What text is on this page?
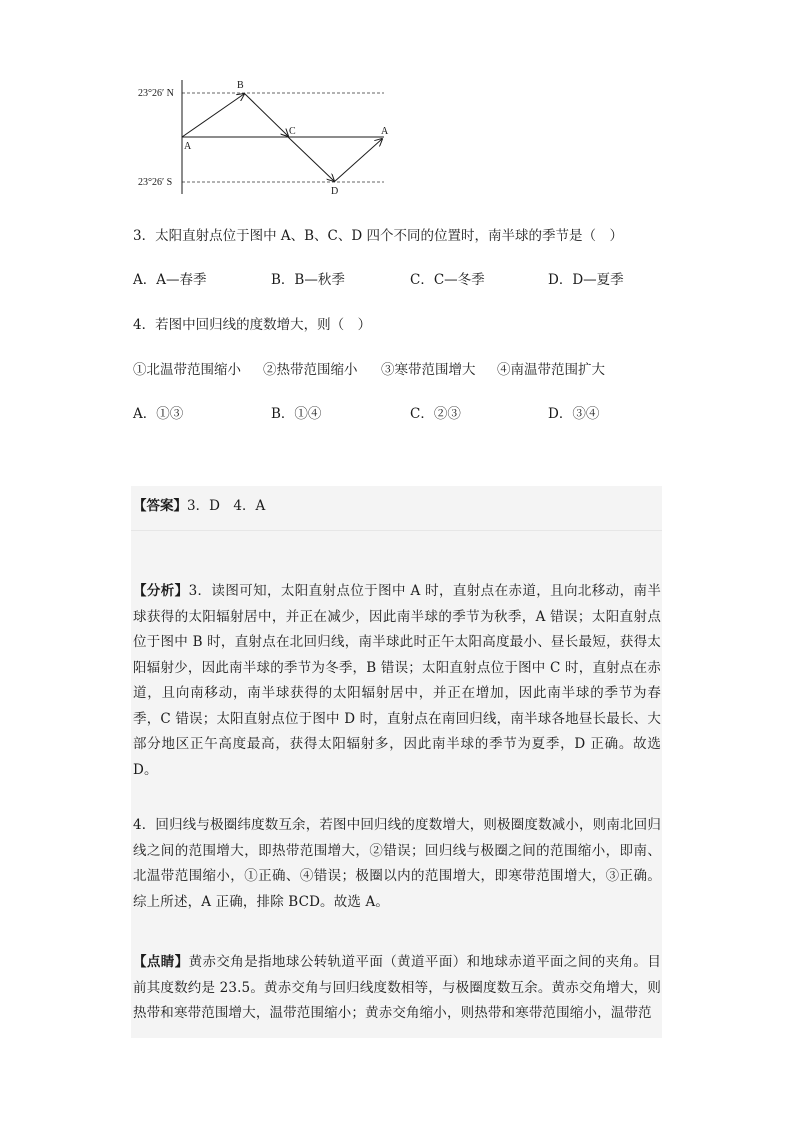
23°26′ N
23°26′ S
A
B
C
D
A
3．太阳直射点位于图中 A、B、C、D 四个不同的位置时，南半球的季节是（　）
A．A—春季	B．B—秋季	C．C—冬季	D．D—夏季
4．若图中回归线的度数增大，则（　）
①北温带范围缩小 ②热带范围缩小 ③寒带范围增大 ④南温带范围扩大
A．①③	B．①④	C．②③	D．③④
【答案】3．D　4．A
【分析】3．读图可知，太阳直射点位于图中 A 时，直射点在赤道，且向北移动，南半球获得的太阳辐射居中，并正在减少，因此南半球的季节为秋季，A 错误；太阳直射点位于图中 B 时，直射点在北回归线，南半球此时正午太阳高度最小、昼长最短，获得太阳辐射少，因此南半球的季节为冬季，B 错误；太阳直射点位于图中 C 时，直射点在赤道，且向南移动，南半球获得的太阳辐射居中，并正在增加，因此南半球的季节为春季，C 错误；太阳直射点位于图中 D 时，直射点在南回归线，南半球各地昼长最长、大部分地区正午高度最高，获得太阳辐射多，因此南半球的季节为夏季，D 正确。故选 D。
4．回归线与极圈纬度数互余，若图中回归线的度数增大，则极圈度数减小，则南北回归线之间的范围增大，即热带范围增大，②错误；回归线与极圈之间的范围缩小，即南、北温带范围缩小，①正确、④错误；极圈以内的范围增大，即寒带范围增大，③正确。综上所述，A 正确，排除 BCD。故选 A。
【点睛】黄赤交角是指地球公转轨道平面（黄道平面）和地球赤道平面之间的夹角。目前其度数约是 23.5。黄赤交角与回归线度数相等，与极圈度数互余。黄赤交角增大，则热带和寒带范围增大，温带范围缩小；黄赤交角缩小，则热带和寒带范围缩小，温带范
